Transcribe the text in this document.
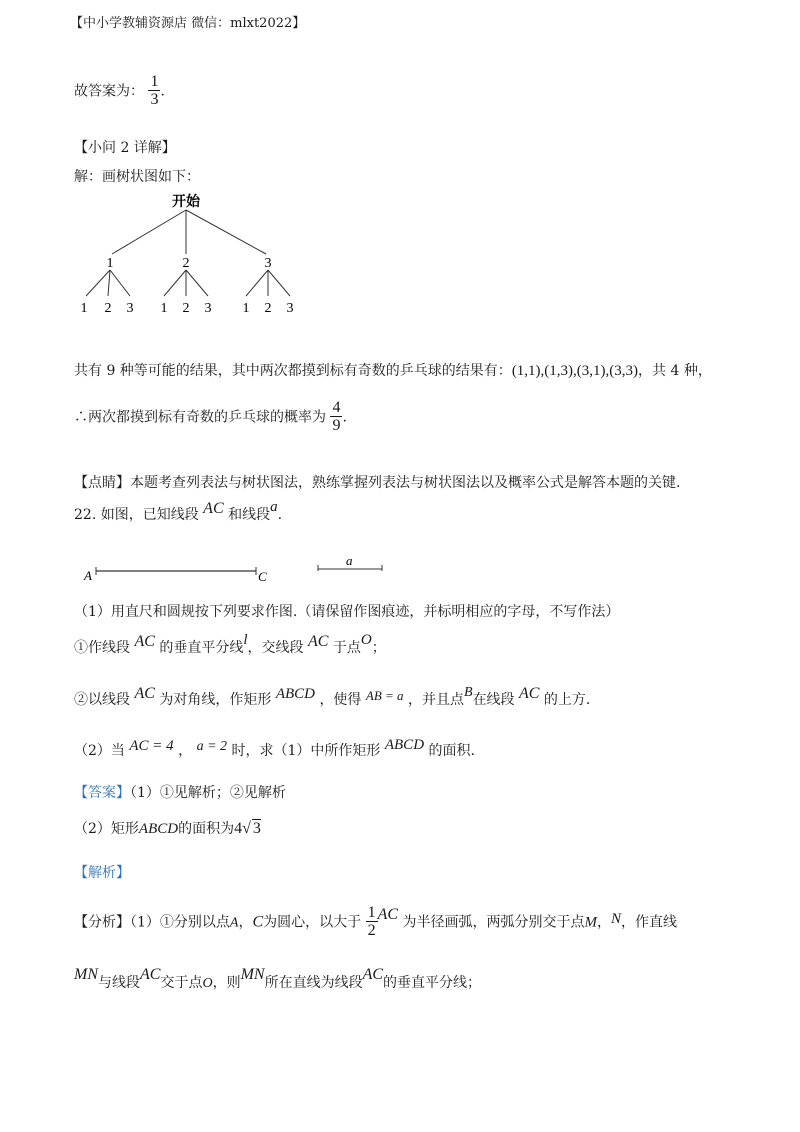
【中小学教辅资源店 微信：mlxt2022】
故答案为： $\frac{1}{3}$ .
【小问 2 详解】
解：画树状图如下：
开始
1	2	3
1 2 3 1 2 3 1 2 3
共有 9 种等可能的结果，其中两次都摸到标有奇数的乒乓球的结果有：(1,1),(1,3),(3,1),(3,3)，共 4 种，
∴两次都摸到标有奇数的乒乓球的概率为 $\frac{4}{9}$ .
【点睛】本题考查列表法与树状图法，熟练掌握列表法与树状图法以及概率公式是解答本题的关键.
22. 如图，已知线段 AC 和线段a.
A	C
a
（1）用直尺和圆规按下列要求作图.（请保留作图痕迹，并标明相应的字母，不写作法）
①作线段 AC 的垂直平分线l，交线段 AC 于点O；
②以线段 AC 为对角线，作矩形 ABCD ，使得 AB = a ，并且点B在线段 AC 的上方.
（2）当 AC = 4 ， a = 2 时，求（1）中所作矩形 ABCD 的面积.
【答案】（1）①见解析；②见解析
（2）矩形ABCD的面积为4√ 3
【解析】
【分析】（1）①分别以点A，C为圆心，以大于 $\frac{1}{2}$ AC 为半径画弧，两弧分别交于点M，N，作直线
MN与线段AC交于点O，则MN所在直线为线段AC的垂直平分线；
